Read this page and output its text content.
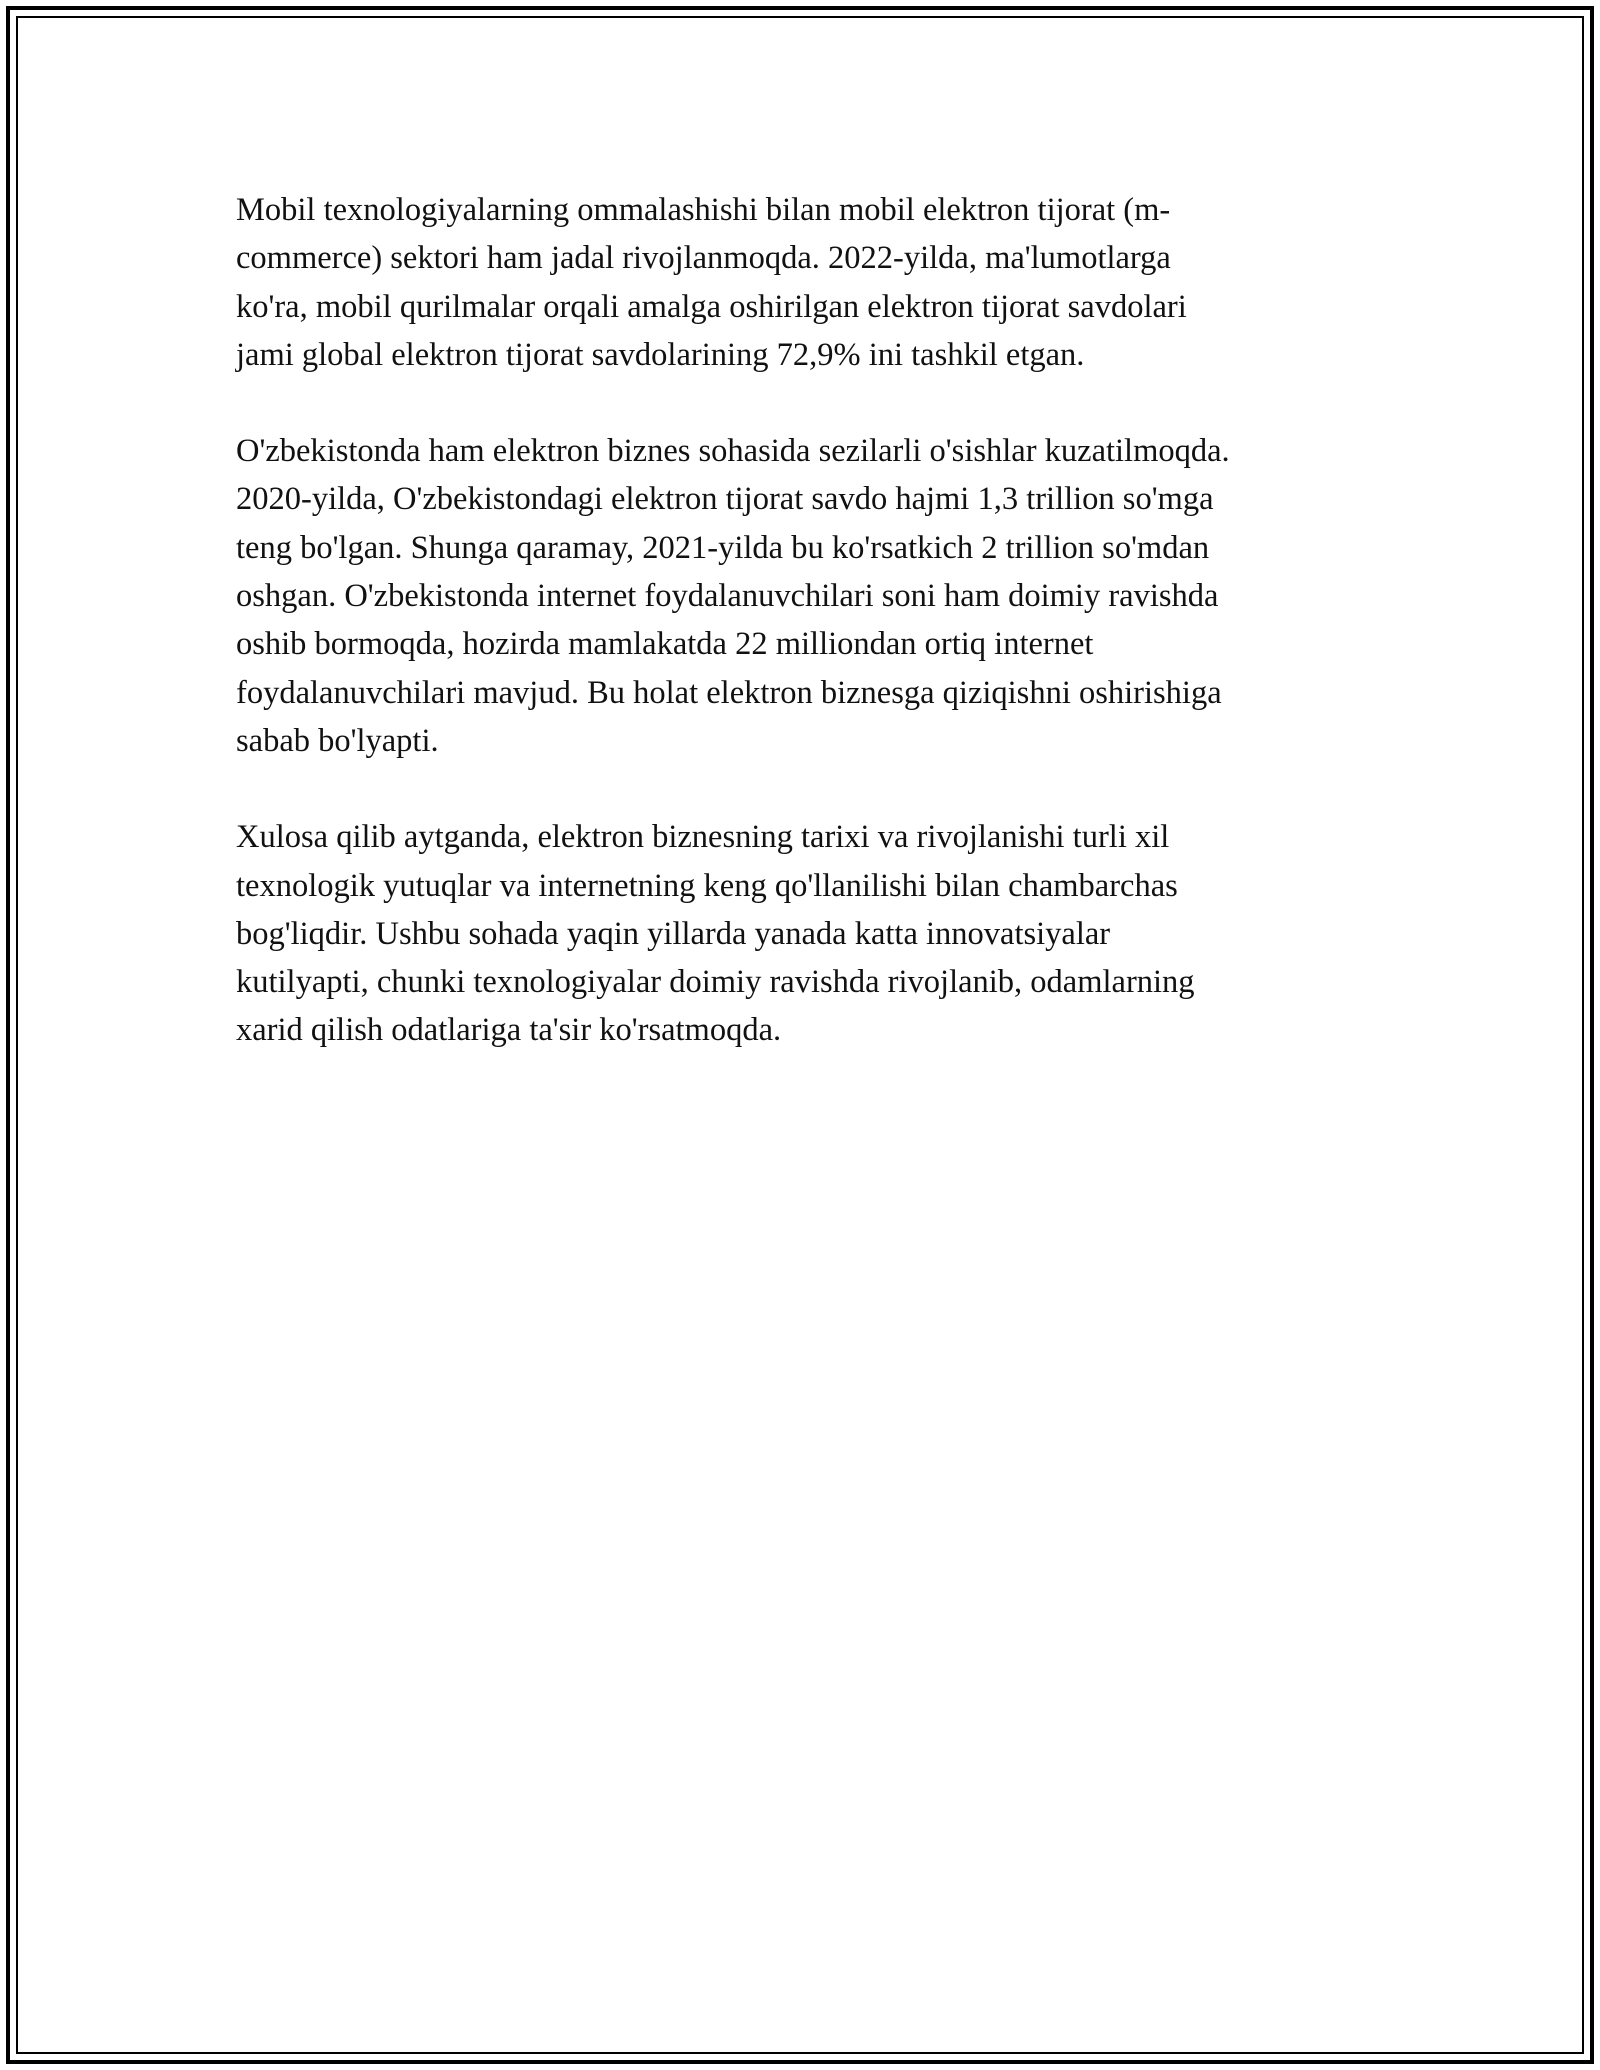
Mobil texnologiyalarning ommalashishi bilan mobil elektron tijorat (m-
commerce) sektori ham jadal rivojlanmoqda. 2022-yilda, ma'lumotlarga
ko'ra, mobil qurilmalar orqali amalga oshirilgan elektron tijorat savdolari
jami global elektron tijorat savdolarining 72,9% ini tashkil etgan.

O'zbekistonda ham elektron biznes sohasida sezilarli o'sishlar kuzatilmoqda.
2020-yilda, O'zbekistondagi elektron tijorat savdo hajmi 1,3 trillion so'mga
teng bo'lgan. Shunga qaramay, 2021-yilda bu ko'rsatkich 2 trillion so'mdan
oshgan. O'zbekistonda internet foydalanuvchilari soni ham doimiy ravishda
oshib bormoqda, hozirda mamlakatda 22 milliondan ortiq internet
foydalanuvchilari mavjud. Bu holat elektron biznesga qiziqishni oshirishiga
sabab bo'lyapti.

Xulosa qilib aytganda, elektron biznesning tarixi va rivojlanishi turli xil
texnologik yutuqlar va internetning keng qo'llanilishi bilan chambarchas
bog'liqdir. Ushbu sohada yaqin yillarda yanada katta innovatsiyalar
kutilyapti, chunki texnologiyalar doimiy ravishda rivojlanib, odamlarning
xarid qilish odatlariga ta'sir ko'rsatmoqda.
